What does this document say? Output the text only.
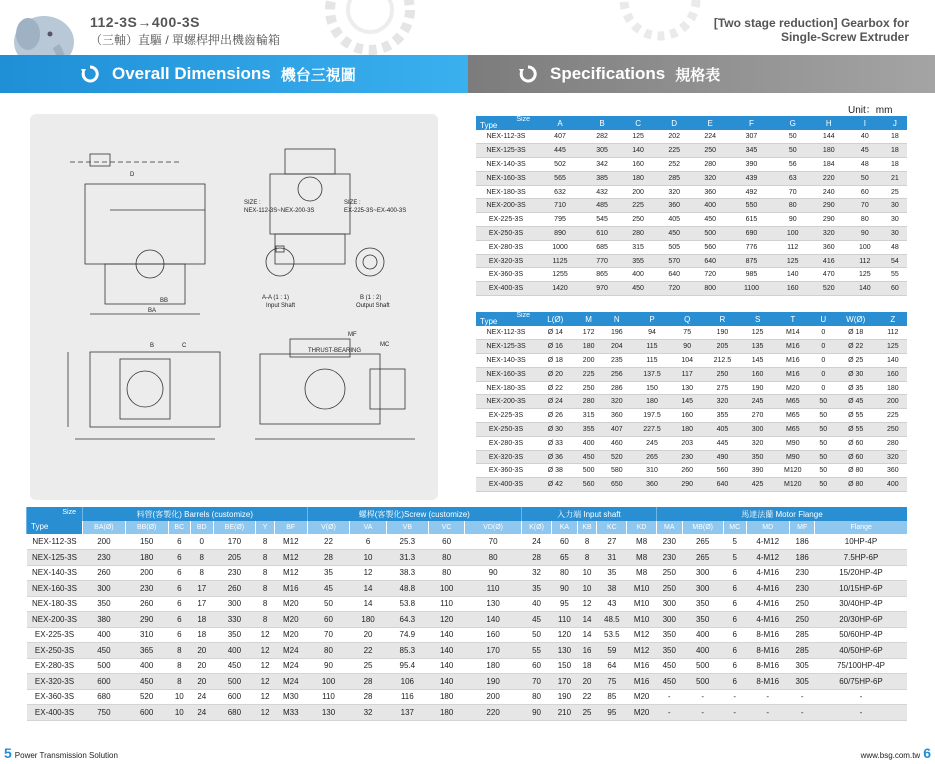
112-3S→400-3S
（三軸）直驅 / 單螺桿押出機齒輪箱
[Two stage reduction] Gearbox for
Single-Screw Extruder
Overall Dimensions 機台三視圖	Specifications 規格表
Unit：mm
SIZE :
NEX-112-3S~NEX-200-3S
SIZE :
EX-225-3S~EX-400-3S
A-A (1 : 1)
Input Shaft
B (1 : 2)
Output Shaft
THRUST-BEARING
D
BB
BA
B	C
MF
MC
Size
Type	A	B	C	D	E	F	G	H	I	J
NEX-112-3S	407	282	125	202	224	307	50	144	40	18
NEX-125-3S	445	305	140	225	250	345	50	180	45	18
NEX-140-3S	502	342	160	252	280	390	56	184	48	18
NEX-160-3S	565	385	180	285	320	439	63	220	50	21
NEX-180-3S	632	432	200	320	360	492	70	240	60	25
NEX-200-3S	710	485	225	360	400	550	80	290	70	30
EX-225-3S	795	545	250	405	450	615	90	290	80	30
EX-250-3S	890	610	280	450	500	690	100	320	90	30
EX-280-3S	1000	685	315	505	560	776	112	360	100	48
EX-320-3S	1125	770	355	570	640	875	125	416	112	54
EX-360-3S	1255	865	400	640	720	985	140	470	125	55
EX-400-3S	1420	970	450	720	800	1100	160	520	140	60
Size
Type	L(Ø)	M	N	P	Q	R	S	T	U	W(Ø)	Z
NEX-112-3S	Ø 14	172	196	94	75	190	125	M14	0	Ø 18	112
NEX-125-3S	Ø 16	180	204	115	90	205	135	M16	0	Ø 22	125
NEX-140-3S	Ø 18	200	235	115	104	212.5	145	M16	0	Ø 25	140
NEX-160-3S	Ø 20	225	256	137.5	117	250	160	M16	0	Ø 30	160
NEX-180-3S	Ø 22	250	286	150	130	275	190	M20	0	Ø 35	180
NEX-200-3S	Ø 24	280	320	180	145	320	245	M65	50	Ø 45	200
EX-225-3S	Ø 26	315	360	197.5	160	355	270	M65	50	Ø 55	225
EX-250-3S	Ø 30	355	407	227.5	180	405	300	M65	50	Ø 55	250
EX-280-3S	Ø 33	400	460	245	203	445	320	M90	50	Ø 60	280
EX-320-3S	Ø 36	450	520	265	230	490	350	M90	50	Ø 60	320
EX-360-3S	Ø 38	500	580	310	260	560	390	M120	50	Ø 80	360
EX-400-3S	Ø 42	560	650	360	290	640	425	M120	50	Ø 80	400
Size
Type	料管(客製化) Barrels (customize)							螺桿(客製化)Screw (customize)					入力端 Input shaft					馬達法蘭 Motor Flange					
	BA(Ø)	BB(Ø)	BC	BD	BE(Ø)	Y	BF	V(Ø)	VA	VB	VC	VD(Ø)	K(Ø)	KA	KB	KC	KD	MA	MB(Ø)	MC	MD	MF	Flange
NEX-112-3S	200	150	6	0	170	8	M12	22	6	25.3	60	70	24	60	8	27	M8	230	265	5	4-M12	186	10HP-4P
NEX-125-3S	230	180	6	8	205	8	M12	28	10	31.3	80	80	28	65	8	31	M8	230	265	5	4-M12	186	7.5HP-6P
NEX-140-3S	260	200	6	8	230	8	M12	35	12	38.3	80	90	32	80	10	35	M8	250	300	6	4-M16	230	15/20HP-4P
NEX-160-3S	300	230	6	17	260	8	M16	45	14	48.8	100	110	35	90	10	38	M10	250	300	6	4-M16	230	10/15HP-6P
NEX-180-3S	350	260	6	17	300	8	M20	50	14	53.8	110	130	40	95	12	43	M10	300	350	6	4-M16	250	30/40HP-4P
NEX-200-3S	380	290	6	18	330	8	M20	60	180	64.3	120	140	45	110	14	48.5	M10	300	350	6	4-M16	250	20/30HP-6P
EX-225-3S	400	310	6	18	350	12	M20	70	20	74.9	140	160	50	120	14	53.5	M12	350	400	6	8-M16	285	50/60HP-4P
EX-250-3S	450	365	8	20	400	12	M24	80	22	85.3	140	170	55	130	16	59	M12	350	400	6	8-M16	285	40/50HP-6P
EX-280-3S	500	400	8	20	450	12	M24	90	25	95.4	140	180	60	150	18	64	M16	450	500	6	8-M16	305	75/100HP-4P
EX-320-3S	600	450	8	20	500	12	M24	100	28	106	140	190	70	170	20	75	M16	450	500	6	8-M16	305	60/75HP-6P
EX-360-3S	680	520	10	24	600	12	M30	110	28	116	180	200	80	190	22	85	M20	-	-	-	-	-	-
EX-400-3S	750	600	10	24	680	12	M33	130	32	137	180	220	90	210	25	95	M20	-	-	-	-	-	-
5 Power Transmission Solution	www.bsg.com.tw 6
